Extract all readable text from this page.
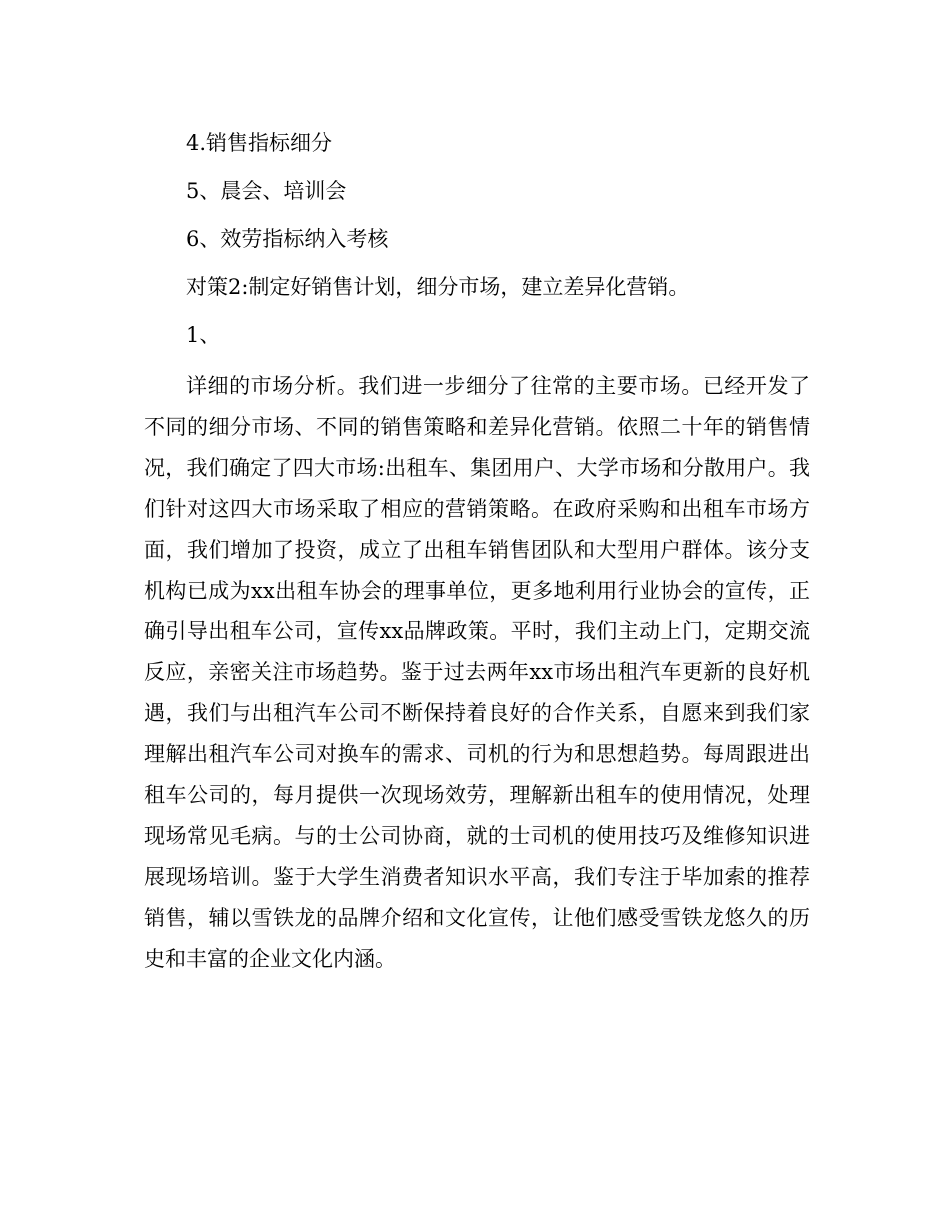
4.销售指标细分

5、晨会、培训会

6、效劳指标纳入考核

对策2:制定好销售计划，细分市场，建立差异化营销。

1、

详细的市场分析。我们进一步细分了往常的主要市场。已经开发了不同的细分市场、不同的销售策略和差异化营销。依照二十年的销售情况，我们确定了四大市场:出租车、集团用户、大学市场和分散用户。我们针对这四大市场采取了相应的营销策略。在政府采购和出租车市场方面，我们增加了投资，成立了出租车销售团队和大型用户群体。该分支机构已成为xx出租车协会的理事单位，更多地利用行业协会的宣传，正确引导出租车公司，宣传xx品牌政策。平时，我们主动上门，定期交流反应，亲密关注市场趋势。鉴于过去两年xx市场出租汽车更新的良好机遇，我们与出租汽车公司不断保持着良好的合作关系，自愿来到我们家理解出租汽车公司对换车的需求、司机的行为和思想趋势。每周跟进出租车公司的，每月提供一次现场效劳，理解新出租车的使用情况，处理现场常见毛病。与的士公司协商，就的士司机的使用技巧及维修知识进展现场培训。鉴于大学生消费者知识水平高，我们专注于毕加索的推荐销售，辅以雪铁龙的品牌介绍和文化宣传，让他们感受雪铁龙悠久的历史和丰富的企业文化内涵。
